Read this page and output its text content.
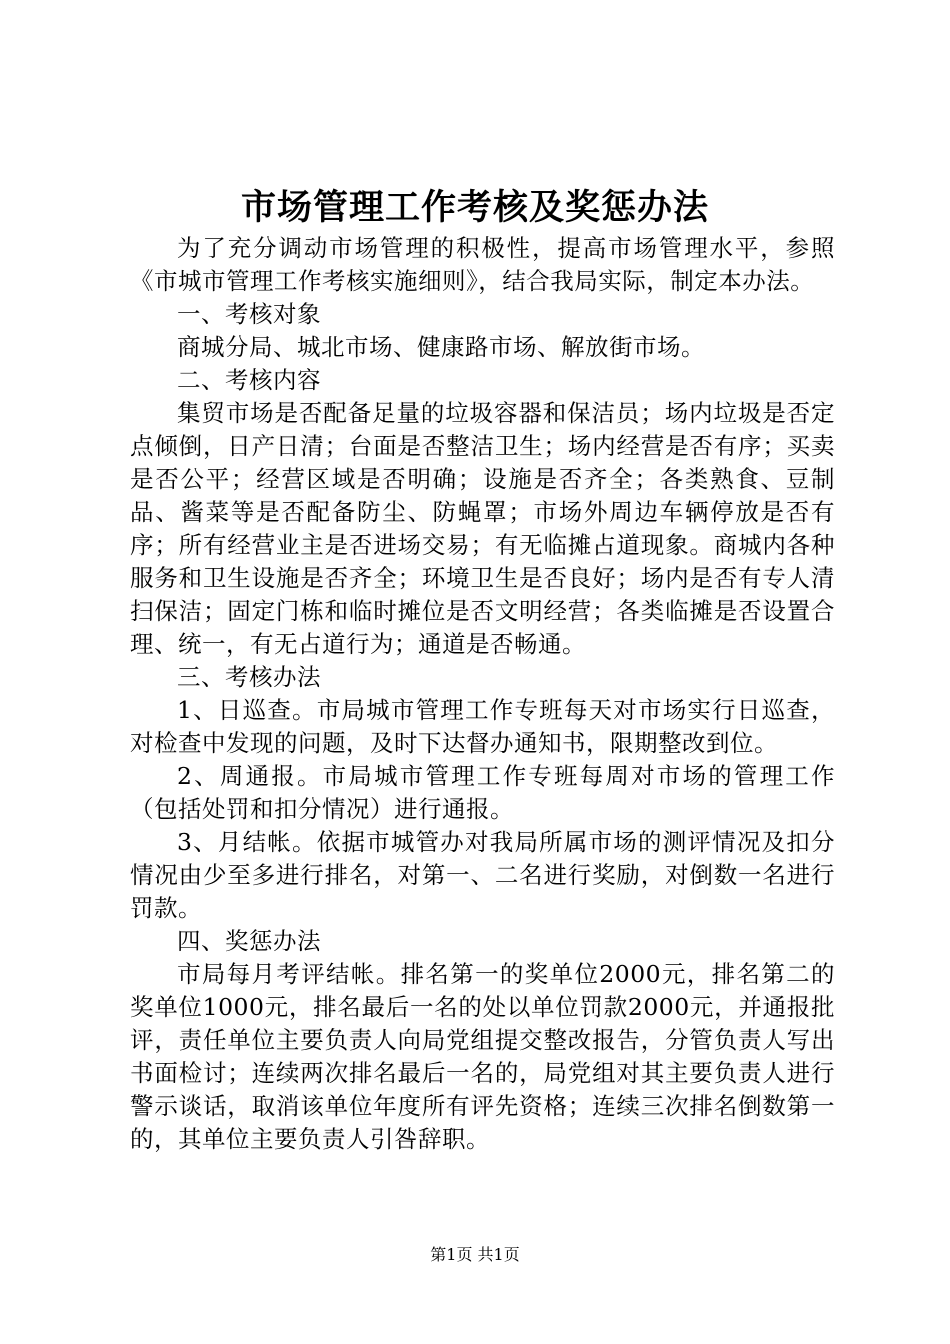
市场管理工作考核及奖惩办法

为了充分调动市场管理的积极性，提高市场管理水平，参照《市城市管理工作考核实施细则》，结合我局实际，制定本办法。

一、考核对象

商城分局、城北市场、健康路市场、解放街市场。

二、考核内容

集贸市场是否配备足量的垃圾容器和保洁员；场内垃圾是否定点倾倒，日产日清；台面是否整洁卫生；场内经营是否有序；买卖是否公平；经营区域是否明确；设施是否齐全；各类熟食、豆制品、酱菜等是否配备防尘、防蝇罩；市场外周边车辆停放是否有序；所有经营业主是否进场交易；有无临摊占道现象。商城内各种服务和卫生设施是否齐全；环境卫生是否良好；场内是否有专人清扫保洁；固定门栋和临时摊位是否文明经营；各类临摊是否设置合理、统一，有无占道行为；通道是否畅通。

三、考核办法

1、日巡查。市局城市管理工作专班每天对市场实行日巡查，对检查中发现的问题，及时下达督办通知书，限期整改到位。

2、周通报。市局城市管理工作专班每周对市场的管理工作（包括处罚和扣分情况）进行通报。

3、月结帐。依据市城管办对我局所属市场的测评情况及扣分情况由少至多进行排名，对第一、二名进行奖励，对倒数一名进行罚款。

四、奖惩办法

市局每月考评结帐。排名第一的奖单位2000元，排名第二的奖单位1000元，排名最后一名的处以单位罚款2000元，并通报批评，责任单位主要负责人向局党组提交整改报告，分管负责人写出书面检讨；连续两次排名最后一名的，局党组对其主要负责人进行警示谈话，取消该单位年度所有评先资格；连续三次排名倒数第一的，其单位主要负责人引咎辞职。

第1页 共1页
